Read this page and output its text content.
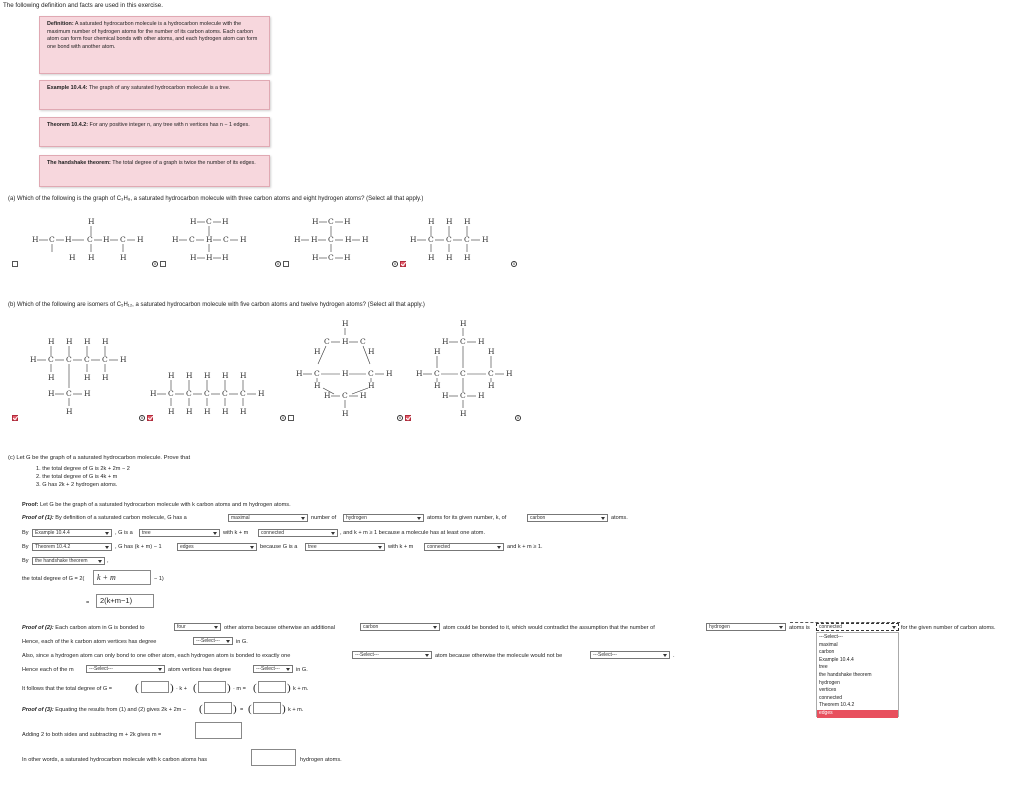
The following definition and facts are used in this exercise.
Definition: A saturated hydrocarbon molecule is a hydrocarbon molecule with the maximum number of hydrogen atoms for the number of its carbon atoms. Each carbon atom can form four chemical bonds with other atoms, and each hydrogen atom can form one bond with another atom.
Example 10.4.4: The graph of any saturated hydrocarbon molecule is a tree.
Theorem 10.4.2: For any positive integer n, any tree with n vertices has n − 1 edges.
The handshake theorem: The total degree of a graph is twice the number of its edges.
(a) Which of the following is the graph of C₃H₈, a saturated hydrocarbon molecule with three carbon atoms and eight hydrogen atoms? (Select all that apply.)
H
H C H C H C H
H H	H
H C H
H C H C H
H H H
i
H C H
H H C H H
H C H
i
H H H
H C C C H
H H H
i	i
(b) Which of the following are isomers of C₅H₁₂, a saturated hydrocarbon molecule with five carbon atoms and twelve hydrogen atoms? (Select all that apply.)
H H H H
H C C C C H
H	H H
H C H
H
H H H H H
H C C C C C H
H H H H H
i
H
C H C
H	H
H C	H	C H
H	H
H C H
H
i
H
H C H
H	H
H C	C	C H
H	H
H C H
H
i	i
(c) Let G be the graph of a saturated hydrocarbon molecule. Prove that
1. the total degree of G is 2k + 2m − 2
2. the total degree of G is 4k + m
3. G has 2k + 2 hydrogen atoms.
Proof: Let G be the graph of a saturated hydrocarbon molecule with k carbon atoms and m hydrogen atoms.
Proof of (1): By definition of a saturated carbon molecule, G has a	maximal	number of	hydrogen	atoms for its given number, k, of	carbon	atoms.
By	Example 10.4.4	, G is a	tree	with k + m	connected	, and k + m ≥ 1 because a molecule has at least one atom.
By	Theorem 10.4.2	, G has (k + m) − 1	edges	because G is a	tree	with k + m	connected	and k + m ≥ 1.
By	the handshake theorem	,
the total degree of G = 2(	k + m	− 1)
=	2(k+m−1)
Proof of (2): Each carbon atom in G is bonded to	four	other atoms because otherwise an additional	carbon	atom could be bonded to it, which would contradict the assumption that the number of	hydrogen	atoms is	connected	for the given number of carbon atoms.
---Select---
maximal
carbon
Example 10.4.4
tree
the handshake theorem
hydrogen
vertices
connected
Theorem 10.4.2
edges
Hence, each of the k carbon atom vertices has degree	---Select---	in G.
Also, since a hydrogen atom can only bond to one other atom, each hydrogen atom is bonded to exactly one	---Select---	atom because otherwise the molecule would not be	---Select---	.
Hence each of the m	---Select---	atom vertices has degree	---Select---	in G.
It follows that the total degree of G = (	) · k + (	) · m = (	) k + m.
Proof of (3): Equating the results from (1) and (2) gives 2k + 2m − (	) = (	) k + m.
Adding 2 to both sides and subtracting m + 2k gives m =
In other words, a saturated hydrocarbon molecule with k carbon atoms has	hydrogen atoms.
